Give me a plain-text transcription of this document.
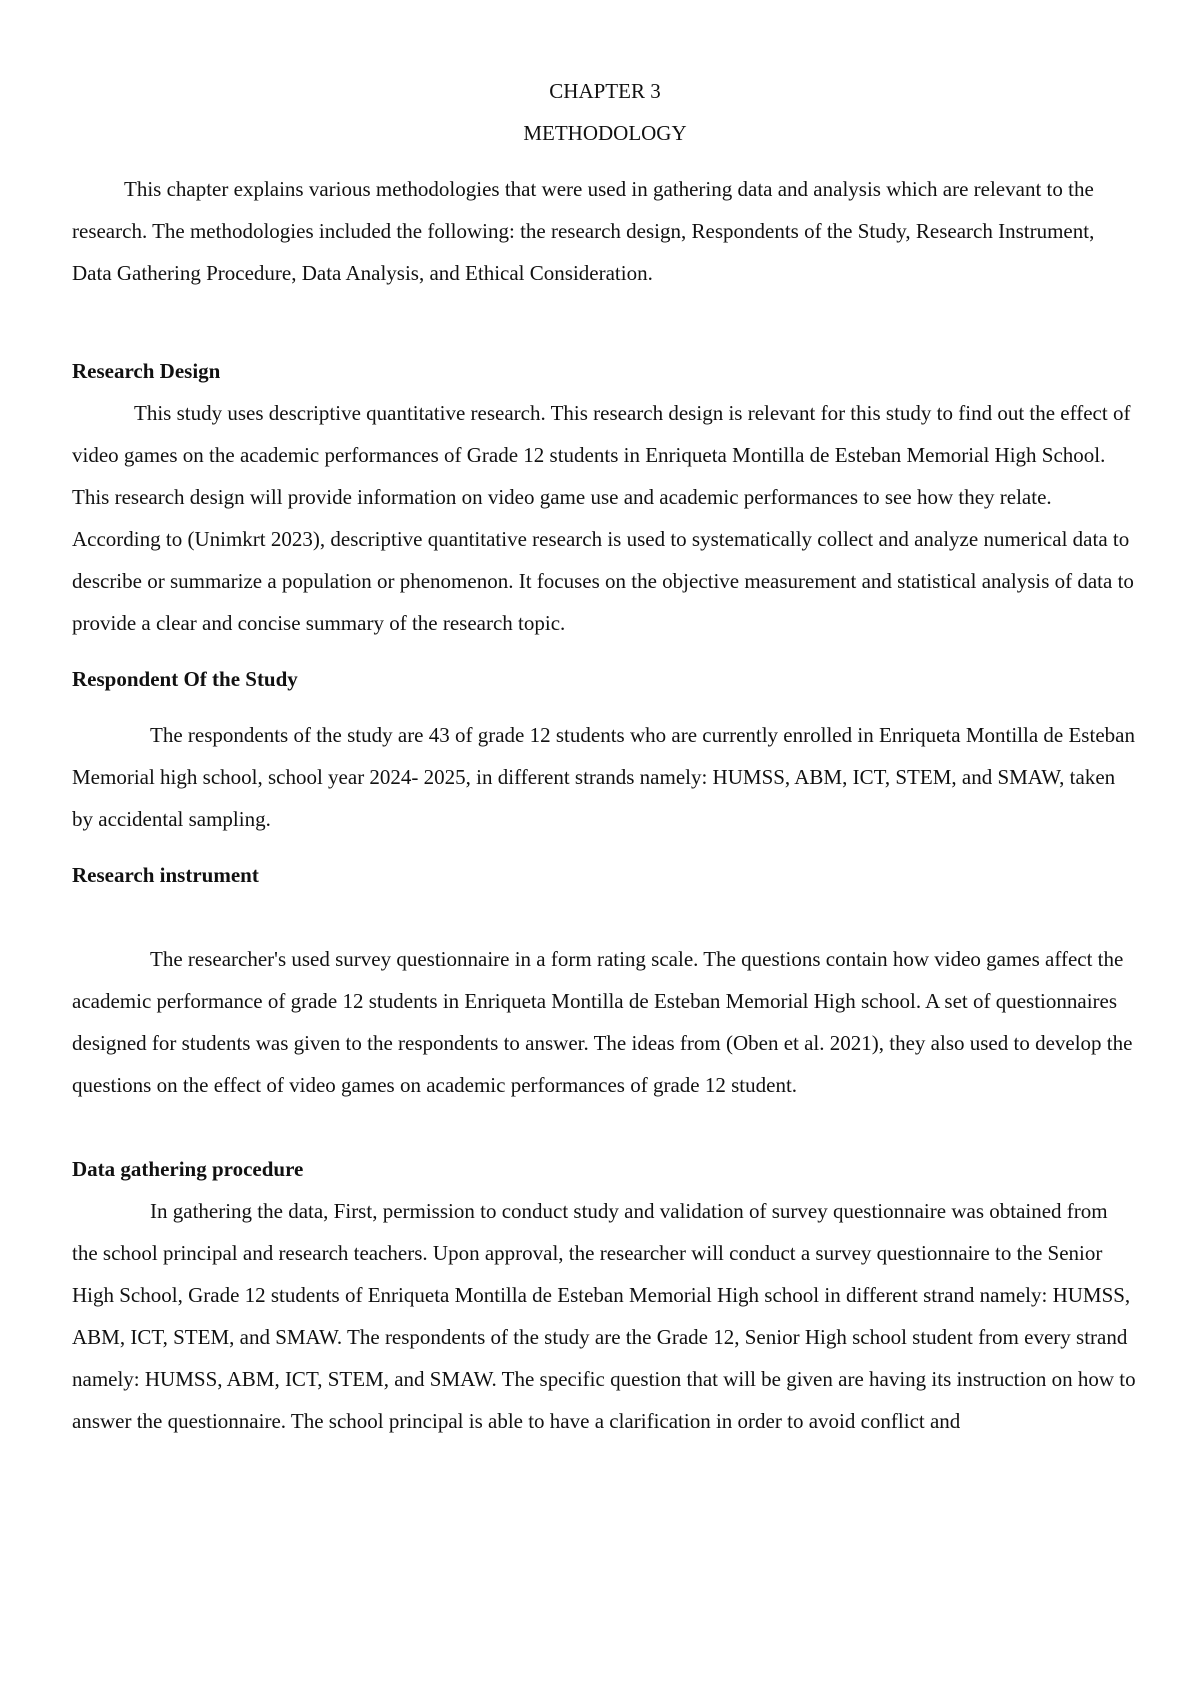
CHAPTER 3

METHODOLOGY

This chapter explains various methodologies that were used in gathering data and analysis which are relevant to the research. The methodologies included the following: the research design, Respondents of the Study, Research Instrument, Data Gathering Procedure, Data Analysis, and Ethical Consideration.

Research Design

This study uses descriptive quantitative research. This research design is relevant for this study to find out the effect of video games on the academic performances of Grade 12 students in Enriqueta Montilla de Esteban Memorial High School. This research design will provide information on video game use and academic performances to see how they relate. According to (Unimkrt 2023), descriptive quantitative research is used to systematically collect and analyze numerical data to describe or summarize a population or phenomenon. It focuses on the objective measurement and statistical analysis of data to provide a clear and concise summary of the research topic.

Respondent Of the Study

The respondents of the study are 43 of grade 12 students who are currently enrolled in Enriqueta Montilla de Esteban Memorial high school, school year 2024- 2025, in different strands namely: HUMSS, ABM, ICT, STEM, and SMAW, taken by accidental sampling.

Research instrument

The researcher's used survey questionnaire in a form rating scale. The questions contain how video games affect the academic performance of grade 12 students in Enriqueta Montilla de Esteban Memorial High school. A set of questionnaires designed for students was given to the respondents to answer. The ideas from (Oben et al. 2021), they also used to develop the questions on the effect of video games on academic performances of grade 12 student.

Data gathering procedure

In gathering the data, First, permission to conduct study and validation of survey questionnaire was obtained from the school principal and research teachers. Upon approval, the researcher will conduct a survey questionnaire to the Senior High School, Grade 12 students of Enriqueta Montilla de Esteban Memorial High school in different strand namely: HUMSS, ABM, ICT, STEM, and SMAW. The respondents of the study are the Grade 12, Senior High school student from every strand namely: HUMSS, ABM, ICT, STEM, and SMAW. The specific question that will be given are having its instruction on how to answer the questionnaire. The school principal is able to have a clarification in order to avoid conflict and
